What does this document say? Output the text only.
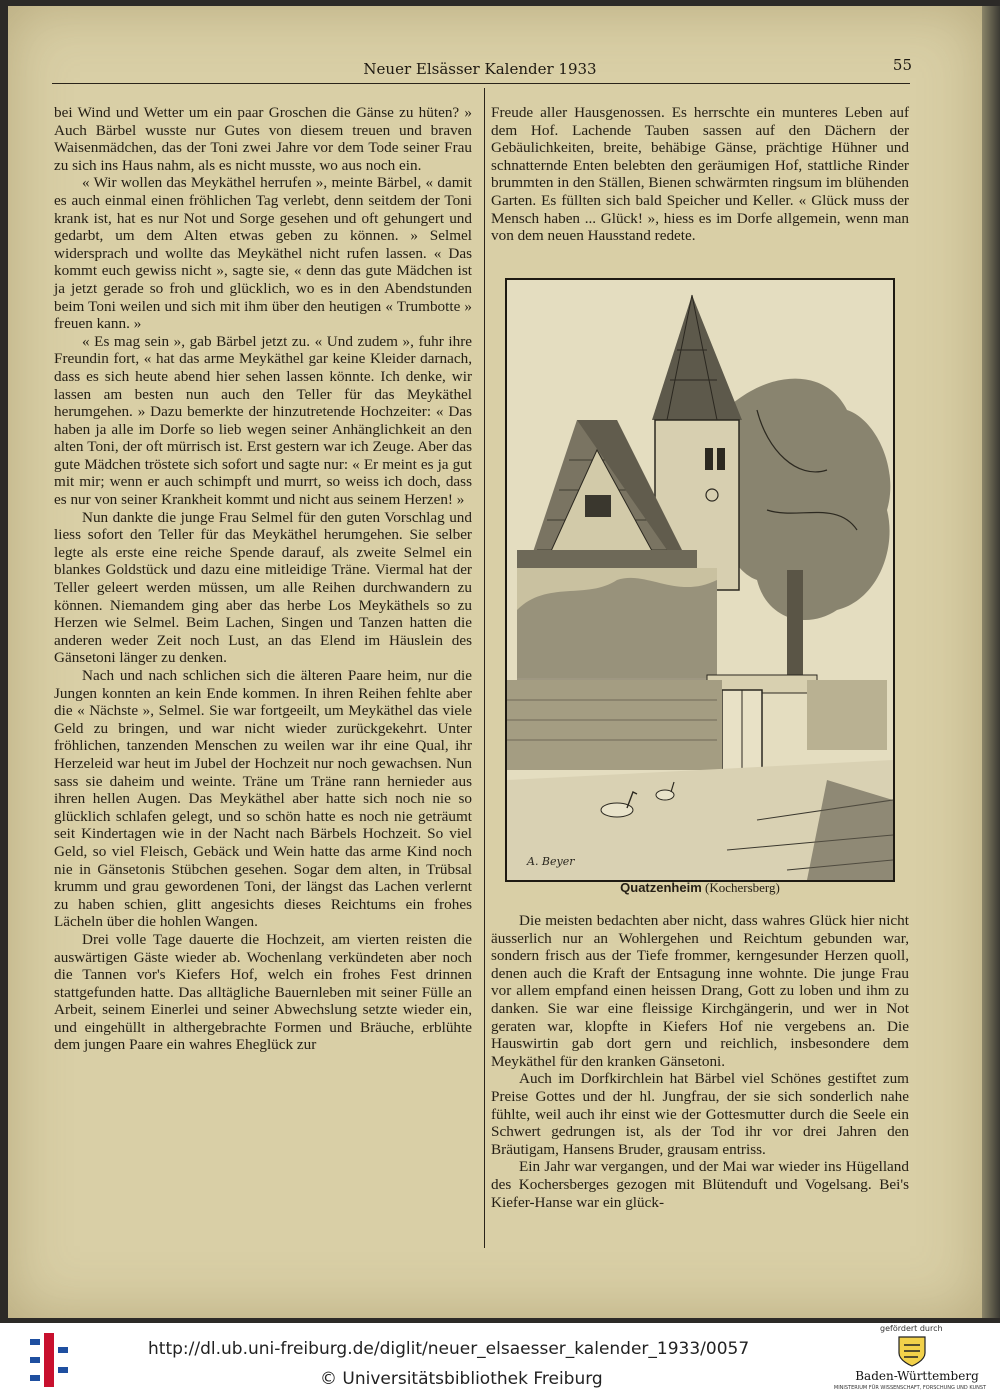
Neuer Elsässer Kalender 1933	55

bei Wind und Wetter um ein paar Groschen die Gänse zu hüten? » Auch Bärbel wusste nur Gutes von diesem treuen und braven Waisenmädchen, das der Toni zwei Jahre vor dem Tode seiner Frau zu sich ins Haus nahm, als es nicht musste, wo aus noch ein.

« Wir wollen das Meykäthel herrufen », meinte Bärbel, « damit es auch einmal einen fröhlichen Tag verlebt, denn seitdem der Toni krank ist, hat es nur Not und Sorge gesehen und oft gehungert und gedarbt, um dem Alten etwas geben zu können. » Selmel widersprach und wollte das Meykäthel nicht rufen lassen. « Das kommt euch gewiss nicht », sagte sie, « denn das gute Mädchen ist ja jetzt gerade so froh und glücklich, wo es in den Abendstunden beim Toni weilen und sich mit ihm über den heutigen « Trumbotte » freuen kann. »

« Es mag sein », gab Bärbel jetzt zu. « Und zudem », fuhr ihre Freundin fort, « hat das arme Meykäthel gar keine Kleider darnach, dass es sich heute abend hier sehen lassen könnte. Ich denke, wir lassen am besten nun auch den Teller für das Meykäthel herumgehen. » Dazu bemerkte der hinzutretende Hochzeiter: « Das haben ja alle im Dorfe so lieb wegen seiner Anhänglichkeit an den alten Toni, der oft mürrisch ist. Erst gestern war ich Zeuge. Aber das gute Mädchen tröstete sich sofort und sagte nur: « Er meint es ja gut mit mir; wenn er auch schimpft und murrt, so weiss ich doch, dass es nur von seiner Krankheit kommt und nicht aus seinem Herzen! »

Nun dankte die junge Frau Selmel für den guten Vorschlag und liess sofort den Teller für das Meykäthel herumgehen. Sie selber legte als erste eine reiche Spende darauf, als zweite Selmel ein blankes Goldstück und dazu eine mitleidige Träne. Viermal hat der Teller geleert werden müssen, um alle Reihen durchwandern zu können. Niemandem ging aber das herbe Los Meykäthels so zu Herzen wie Selmel. Beim Lachen, Singen und Tanzen hatten die anderen weder Zeit noch Lust, an das Elend im Häuslein des Gänsetoni länger zu denken.

Nach und nach schlichen sich die älteren Paare heim, nur die Jungen konnten an kein Ende kommen. In ihren Reihen fehlte aber die « Nächste », Selmel. Sie war fortgeeilt, um Meykäthel das viele Geld zu bringen, und war nicht wieder zurückgekehrt. Unter fröhlichen, tanzenden Menschen zu weilen war ihr eine Qual, ihr Herzeleid war heut im Jubel der Hochzeit nur noch gewachsen. Nun sass sie daheim und weinte. Träne um Träne rann hernieder aus ihren hellen Augen. Das Meykäthel aber hatte sich noch nie so glücklich schlafen gelegt, und so schön hatte es noch nie geträumt seit Kindertagen wie in der Nacht nach Bärbels Hochzeit. So viel Geld, so viel Fleisch, Gebäck und Wein hatte das arme Kind noch nie in Gänsetonis Stübchen gesehen. Sogar dem alten, in Trübsal krumm und grau gewordenen Toni, der längst das Lachen verlernt zu haben schien, glitt angesichts dieses Reichtums ein frohes Lächeln über die hohlen Wangen.

Drei volle Tage dauerte die Hochzeit, am vierten reisten die auswärtigen Gäste wieder ab. Wochenlang verkündeten aber noch die Tannen vor's Kiefers Hof, welch ein frohes Fest drinnen stattgefunden hatte. Das alltägliche Bauernleben mit seiner Fülle an Arbeit, seinem Einerlei und seiner Abwechslung setzte wieder ein, und eingehüllt in althergebrachte Formen und Bräuche, erblühte dem jungen Paare ein wahres Eheglück zur

Freude aller Hausgenossen. Es herrschte ein munteres Leben auf dem Hof. Lachende Tauben sassen auf den Dächern der Gebäulichkeiten, breite, behäbige Gänse, prächtige Hühner und schnatternde Enten belebten den geräumigen Hof, stattliche Rinder brummten in den Ställen, Bienen schwärmten ringsum im blühenden Garten. Es füllten sich bald Speicher und Keller. « Glück muss der Mensch haben ... Glück! », hiess es im Dorfe allgemein, wenn man von dem neuen Hausstand redete.

A. Beyer
Quatzenheim (Kochersberg)

Die meisten bedachten aber nicht, dass wahres Glück hier nicht äusserlich nur an Wohlergehen und Reichtum gebunden war, sondern frisch aus der Tiefe frommer, kerngesunder Herzen quoll, denen auch die Kraft der Entsagung inne wohnte. Die junge Frau vor allem empfand einen heissen Drang, Gott zu loben und ihm zu danken. Sie war eine fleissige Kirchgängerin, und wer in Not geraten war, klopfte in Kiefers Hof nie vergebens an. Die Hauswirtin gab dort gern und reichlich, insbesondere dem Meykäthel für den kranken Gänsetoni.

Auch im Dorfkirchlein hat Bärbel viel Schönes gestiftet zum Preise Gottes und der hl. Jungfrau, der sie sich sonderlich nahe fühlte, weil auch ihr einst wie der Gottesmutter durch die Seele ein Schwert gedrungen ist, als der Tod ihr vor drei Jahren den Bräutigam, Hansens Bruder, grausam entriss.

Ein Jahr war vergangen, und der Mai war wieder ins Hügelland des Kochersberges gezogen mit Blütenduft und Vogelsang. Bei's Kiefer-Hanse war ein glück-

http://dl.ub.uni-freiburg.de/diglit/neuer_elsaesser_kalender_1933/0057
© Universitätsbibliothek Freiburg
gefördert durch
Baden-Württemberg
MINISTERIUM FÜR WISSENSCHAFT, FORSCHUNG UND KUNST
